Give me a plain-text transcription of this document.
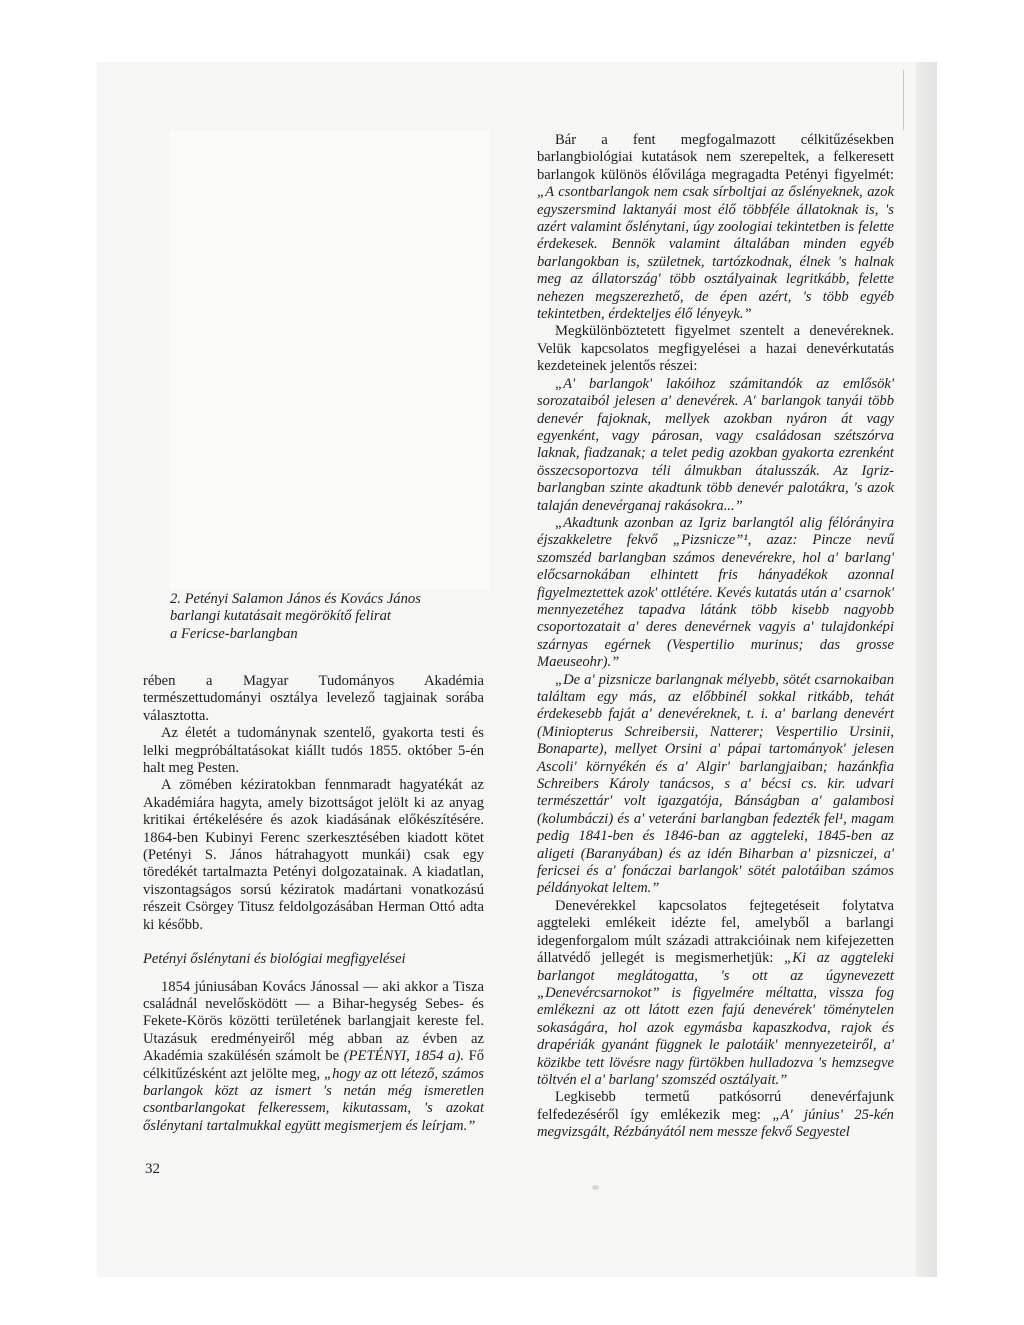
2. Petényi Salamon János és Kovács János
barlangi kutatásait megörökítő felirat
a Fericse-barlangban

rében a Magyar Tudományos Akadémia természettudományi osztálya levelező tagjainak sorába választotta.

Az életét a tudománynak szentelő, gyakorta testi és lelki megpróbáltatásokat kiállt tudós 1855. október 5-én halt meg Pesten.

A zömében kéziratokban fennmaradt hagyatékát az Akadémiára hagyta, amely bizottságot jelölt ki az anyag kritikai értékelésére és azok kiadásának előkészítésére. 1864-ben Kubinyi Ferenc szerkesztésében kiadott kötet (Petényi S. János hátrahagyott munkái) csak egy töredékét tartalmazta Petényi dolgozatainak. A kiadatlan, viszontagságos sorsú kéziratok madártani vonatkozású részeit Csörgey Titusz feldolgozásában Herman Ottó adta ki később.

Petényi őslénytani és biológiai megfigyelései

1854 júniusában Kovács Jánossal — aki akkor a Tisza családnál nevelősködött — a Bihar-hegység Sebes- és Fekete-Körös közötti területének barlangjait kereste fel. Utazásuk eredményeiről még abban az évben az Akadémia szakülésén számolt be (PETÉNYI, 1854 a). Fő célkitűzésként azt jelölte meg, „hogy az ott létező, számos barlangok közt az ismert 's netán még ismeretlen csontbarlangokat felkeressem, kikutassam, 's azokat őslénytani tartalmukkal együtt megismerjem és leírjam.”

Bár a fent megfogalmazott célkitűzésekben barlangbiológiai kutatások nem szerepeltek, a felkeresett barlangok különös élővilága megragadta Petényi figyelmét: „A csontbarlangok nem csak sírboltjai az őslényeknek, azok egyszersmind laktanyái most élő többféle állatoknak is, 's azért valamint őslénytani, úgy zoologiai tekintetben is felette érdekesek. Bennök valamint általában minden egyéb barlangokban is, születnek, tartózkodnak, élnek 's halnak meg az állatország' több osztályainak legritkább, felette nehezen megszerezhető, de épen azért, 's több egyéb tekintetben, érdekteljes élő lényeyk.”

Megkülönböztetett figyelmet szentelt a denevéreknek. Velük kapcsolatos megfigyelései a hazai denevérkutatás kezdeteinek jelentős részei:

„A' barlangok' lakóihoz számitandók az emlősök' sorozataiból jelesen a' denevérek. A' barlangok tanyái több denevér fajoknak, mellyek azokban nyáron át vagy egyenként, vagy párosan, vagy családosan szétszórva laknak, fiadzanak; a telet pedig azokban gyakorta ezrenként összecsoportozva téli álmukban átalusszák. Az Igriz-barlangban szinte akadtunk több denevér palotákra, 's azok talaján denevérganaj rakásokra...”

„Akadtunk azonban az Igriz barlangtól alig félórányira éjszakkeletre fekvő „Pizsnicze”¹, azaz: Pincze nevű szomszéd barlangban számos denevérekre, hol a' barlang' előcsarnokában elhintett fris hányadékok azonnal figyelmeztettek azok' ottlétére. Kevés kutatás után a' csarnok' mennyezetéhez tapadva látánk több kisebb nagyobb csoportozatait a' deres denevérnek vagyis a' tulajdonképi szárnyas egérnek (Vespertilio murinus; das grosse Maeuseohr).”

„De a' pizsnicze barlangnak mélyebb, sötét csarnokaiban találtam egy más, az előbbinél sokkal ritkább, tehát érdekesebb faját a' denevéreknek, t. i. a' barlang denevért (Miniopterus Schreibersii, Natterer; Vespertilio Ursinii, Bonaparte), mellyet Orsini a' pápai tartományok' jelesen Ascoli' környékén és a' Algir' barlangjaiban; hazánkfia Schreibers Károly tanácsos, s a' bécsi cs. kir. udvari természettár' volt igazgatója, Bánságban a' galambosi (kolumbáczi) és a' veteráni barlangban fedezték fel¹, magam pedig 1841-ben és 1846-ban az aggteleki, 1845-ben az aligeti (Baranyában) és az idén Biharban a' pizsniczei, a' fericsei és a' fonáczai barlangok' sötét palotáiban számos példányokat leltem.”

Denevérekkel kapcsolatos fejtegetéseit folytatva aggteleki emlékeit idézte fel, amelyből a barlangi idegenforgalom múlt századi attrakcióinak nem kifejezetten állatvédő jellegét is megismerhetjük: „Ki az aggteleki barlangot meglátogatta, 's ott az úgynevezett „Denevércsarnokot” is figyelmére méltatta, vissza fog emlékezni az ott látott ezen fajú denevérek' töménytelen sokaságára, hol azok egymásba kapaszkodva, rajok és drapériák gyanánt függnek le palotáik' mennyezeteiről, a' közikbe tett lövésre nagy fürtökben hulladozva 's hemzsegve töltvén el a' barlang' szomszéd osztályait.”

Legkisebb termetű patkósorrú denevérfajunk felfedezéséről így emlékezik meg: „A' június' 25-kén megvizsgált, Rézbányától nem messze fekvő Segyestel

32
